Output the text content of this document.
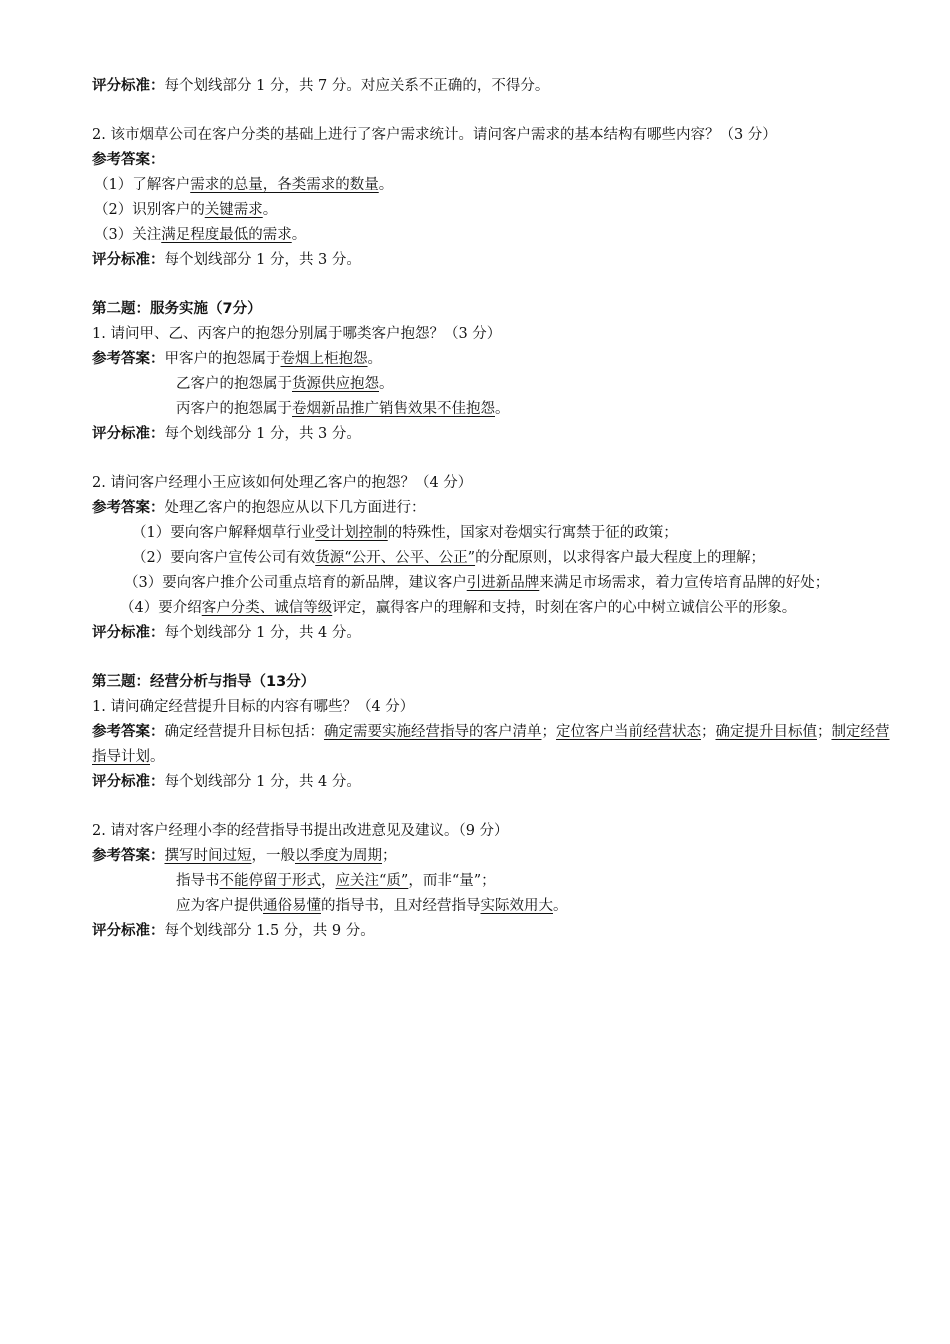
评分标准：每个划线部分 1 分，共 7 分。对应关系不正确的，不得分。
2. 该市烟草公司在客户分类的基础上进行了客户需求统计。请问客户需求的基本结构有哪些内容？（3 分）
参考答案：
（1）了解客户需求的总量，各类需求的数量。
（2）识别客户的关键需求。
（3）关注满足程度最低的需求。
评分标准：每个划线部分 1 分，共 3 分。
第二题：服务实施（7分）
1. 请问甲、乙、丙客户的抱怨分别属于哪类客户抱怨？（3 分）
参考答案：甲客户的抱怨属于卷烟上柜抱怨。
乙客户的抱怨属于货源供应抱怨。
丙客户的抱怨属于卷烟新品推广销售效果不佳抱怨。
评分标准：每个划线部分 1 分，共 3 分。
2. 请问客户经理小王应该如何处理乙客户的抱怨？（4 分）
参考答案：处理乙客户的抱怨应从以下几方面进行：
（1）要向客户解释烟草行业受计划控制的特殊性，国家对卷烟实行寓禁于征的政策；
（2）要向客户宣传公司有效货源“公开、公平、公正”的分配原则，以求得客户最大程度上的理解；
（3）要向客户推介公司重点培育的新品牌，建议客户引进新品牌来满足市场需求，着力宣传培育品牌的好处；
（4）要介绍客户分类、诚信等级评定，赢得客户的理解和支持，时刻在客户的心中树立诚信公平的形象。
评分标准：每个划线部分 1 分，共 4 分。
第三题：经营分析与指导（13分）
1. 请问确定经营提升目标的内容有哪些？（4 分）
参考答案：确定经营提升目标包括：确定需要实施经营指导的客户清单；定位客户当前经营状态；确定提升目标值；制定经营指导计划。
评分标准：每个划线部分 1 分，共 4 分。
2. 请对客户经理小李的经营指导书提出改进意见及建议。（9 分）
参考答案：撰写时间过短，一般以季度为周期；
指导书不能停留于形式，应关注“质”，而非“量”；
应为客户提供通俗易懂的指导书，且对经营指导实际效用大。
评分标准：每个划线部分 1.5 分，共 9 分。
